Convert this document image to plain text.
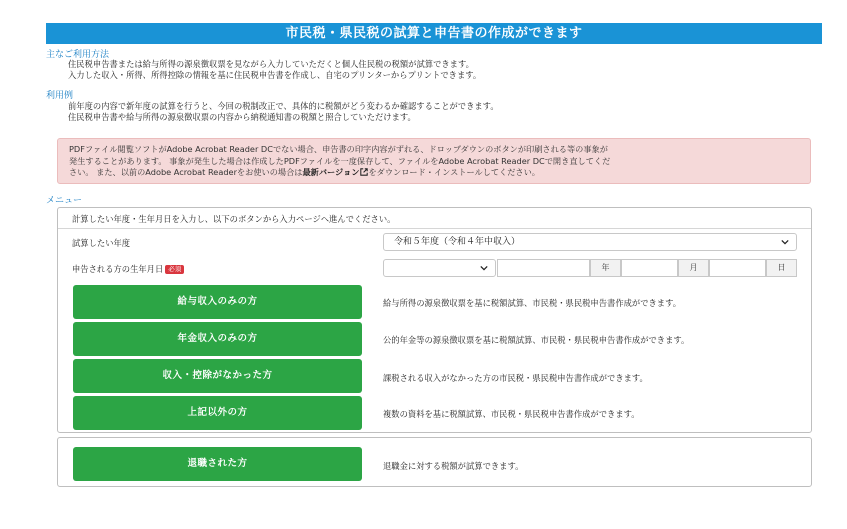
市民税・県民税の試算と申告書の作成ができます
主なご利用方法
住民税申告書または給与所得の源泉徴収票を見ながら入力していただくと個人住民税の税額が試算できます。
入力した収入・所得、所得控除の情報を基に住民税申告書を作成し、自宅のプリンターからプリントできます。
利用例
前年度の内容で新年度の試算を行うと、今回の税制改正で、具体的に税額がどう変わるか確認することができます。
住民税申告書や給与所得の源泉徴収票の内容から納税通知書の税額と照合していただけます。
PDFファイル閲覧ソフトがAdobe Acrobat Reader DCでない場合、申告書の印字内容がずれる、ドロップダウンのボタンが印刷される等の事象が
発生することがあります。 事象が発生した場合は作成したPDFファイルを一度保存して、ファイルをAdobe Acrobat Reader DCで開き直してくだ
さい。 また、以前のAdobe Acrobat Readerをお使いの場合は最新バージョン をダウンロード・インストールしてください。
メニュー
計算したい年度・生年月日を入力し、以下のボタンから入力ページへ進んでください。
試算したい年度	令和５年度（令和４年中収入）
申告される方の生年月日 必須	年	月	日
給与収入のみの方	給与所得の源泉徴収票を基に税額試算、市民税・県民税申告書作成ができます。
年金収入のみの方	公的年金等の源泉徴収票を基に税額試算、市民税・県民税申告書作成ができます。
収入・控除がなかった方	課税される収入がなかった方の市民税・県民税申告書作成ができます。
上記以外の方	複数の資料を基に税額試算、市民税・県民税申告書作成ができます。
退職された方	退職金に対する税額が試算できます。
